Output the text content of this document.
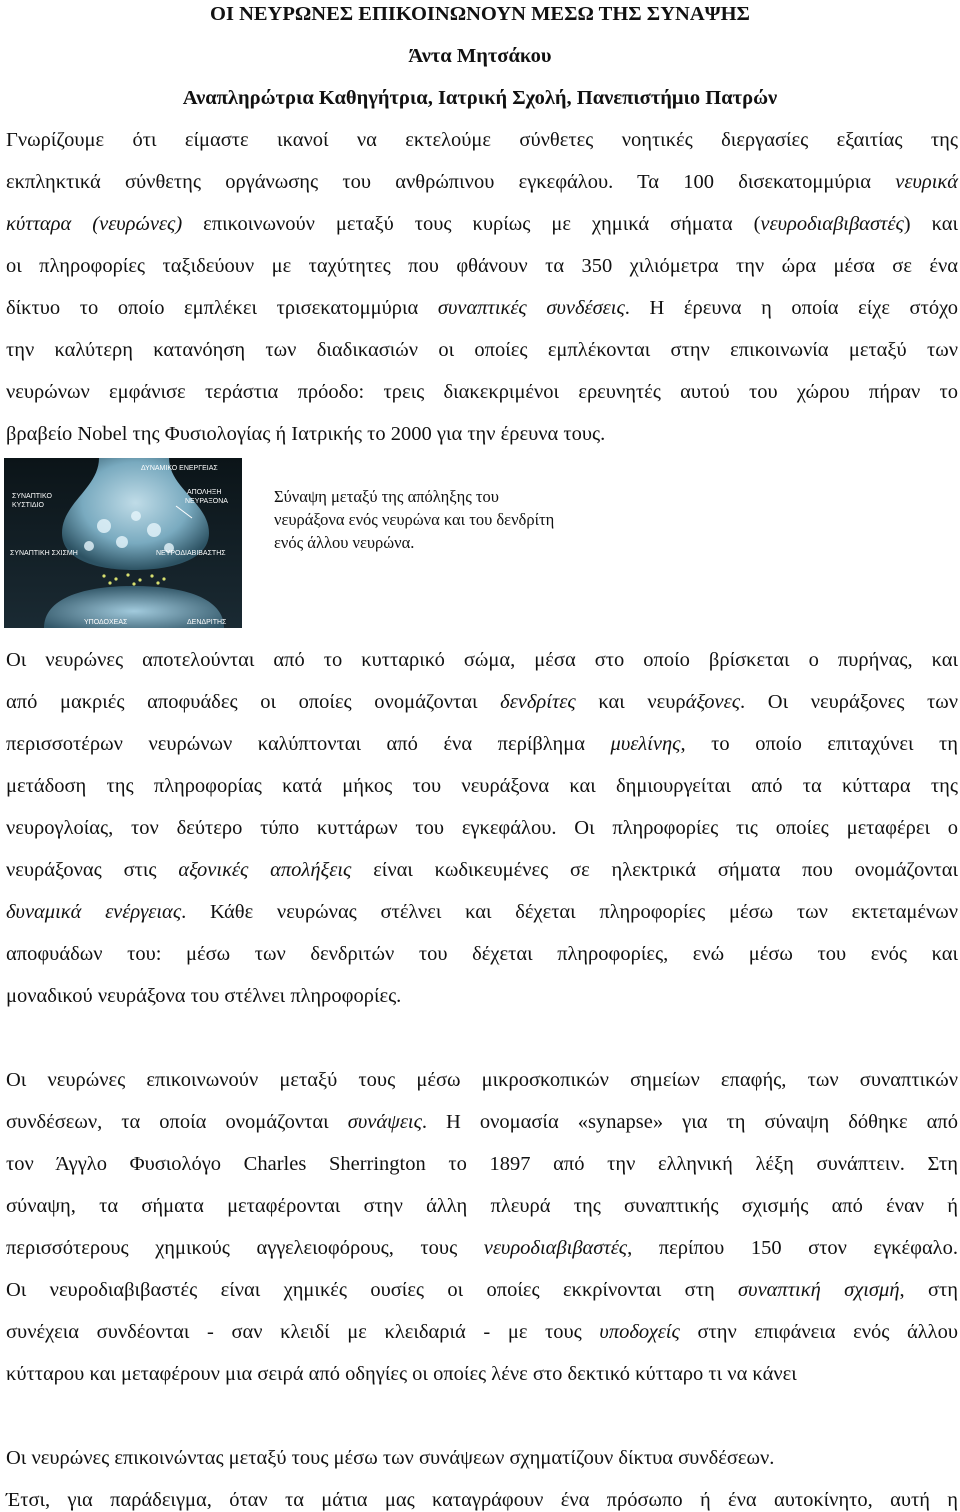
ΟΙ ΝΕΥΡΩΝΕΣ ΕΠΙΚΟΙΝΩΝΟΥΝ ΜΕΣΩ ΤΗΣ ΣΥΝΑΨΗΣ
Άντα Μητσάκου
Αναπληρώτρια Καθηγήτρια, Ιατρική Σχολή, Πανεπιστήμιο Πατρών
Γνωρίζουμε ότι είμαστε ικανοί να εκτελούμε σύνθετες νοητικές διεργασίες εξαιτίας της
εκπληκτικά σύνθετης οργάνωσης του ανθρώπινου εγκεφάλου. Τα 100 δισεκατομμύρια νευρικά
κύτταρα (νευρώνες) επικοινωνούν μεταξύ τους κυρίως με χημικά σήματα (νευροδιαβιβαστές) και
οι πληροφορίες ταξιδεύουν με ταχύτητες που φθάνουν τα 350 χιλιόμετρα την ώρα μέσα σε ένα
δίκτυο το οποίο εμπλέκει τρισεκατομμύρια συναπτικές συνδέσεις. Η έρευνα η οποία είχε στόχο
την καλύτερη κατανόηση των διαδικασιών οι οποίες εμπλέκονται στην επικοινωνία μεταξύ των
νευρώνων εμφάνισε τεράστια πρόοδο: τρεις διακεκριμένοι ερευνητές αυτού του χώρου πήραν το
βραβείο Nobel της Φυσιολογίας ή Ιατρικής το 2000 για την έρευνα τους.
ΔΥΝΑΜΙΚΟ ΕΝΕΡΓΕΙΑΣ
ΣΥΝΑΠΤΙΚΟ
ΚΥΣΤΙΔΙΟ
ΑΠΟΛΗΞΗ
ΝΕΥΡΑΞΟΝΑ
ΣΥΝΑΠΤΙΚΗ ΣΧΙΣΜΗ	ΝΕΥΡΟΔΙΑΒΙΒΑΣΤΗΣ
ΥΠΟΔΟΧΕΑΣ	ΔΕΝΔΡΙΤΗΣ
Σύναψη μεταξύ της απόληξης του
νευράξονα ενός νευρώνα και του δενδρίτη
ενός άλλου νευρώνα.
Οι νευρώνες αποτελούνται από το κυτταρικό σώμα, μέσα στο οποίο βρίσκεται ο πυρήνας, και
από μακριές αποφυάδες οι οποίες ονομάζονται δενδρίτες και νευράξονες. Οι νευράξονες των
περισσοτέρων νευρώνων καλύπτονται από ένα περίβλημα μυελίνης, το οποίο επιταχύνει τη
μετάδοση της πληροφορίας κατά μήκος του νευράξονα και δημιουργείται από τα κύτταρα της
νευρογλοίας, τον δεύτερο τύπο κυττάρων του εγκεφάλου. Οι πληροφορίες τις οποίες μεταφέρει ο
νευράξονας στις αξονικές απολήξεις είναι κωδικευμένες σε ηλεκτρικά σήματα που ονομάζονται
δυναμικά ενέργειας. Κάθε νευρώνας στέλνει και δέχεται πληροφορίες μέσω των εκτεταμένων
αποφυάδων του: μέσω των δενδριτών του δέχεται πληροφορίες, ενώ μέσω του ενός και
μοναδικού νευράξονα του στέλνει πληροφορίες.
Οι νευρώνες επικοινωνούν μεταξύ τους μέσω μικροσκοπικών σημείων επαφής, των συναπτικών
συνδέσεων, τα οποία ονομάζονται συνάψεις. Η ονομασία «synapse» για τη σύναψη δόθηκε από
τον Άγγλο Φυσιολόγο Charles Sherrington το 1897 από την ελληνική λέξη συνάπτειν. Στη
σύναψη, τα σήματα μεταφέρονται στην άλλη πλευρά της συναπτικής σχισμής από έναν ή
περισσότερους χημικούς αγγελειοφόρους, τους νευροδιαβιβαστές, περίπου 150 στον εγκέφαλο.
Οι νευροδιαβιβαστές είναι χημικές ουσίες οι οποίες εκκρίνονται στη συναπτική σχισμή, στη
συνέχεια συνδέονται - σαν κλειδί με κλειδαριά - με τους υποδοχείς στην επιφάνεια ενός άλλου
κύτταρου και μεταφέρουν μια σειρά από οδηγίες οι οποίες λένε στο δεκτικό κύτταρο τι να κάνει
Οι νευρώνες επικοινώντας μεταξύ τους μέσω των συνάψεων σχηματίζουν δίκτυα συνδέσεων.
Έτσι, για παράδειγμα, όταν τα μάτια μας καταγράφουν ένα πρόσωπο ή ένα αυτοκίνητο, αυτή η
